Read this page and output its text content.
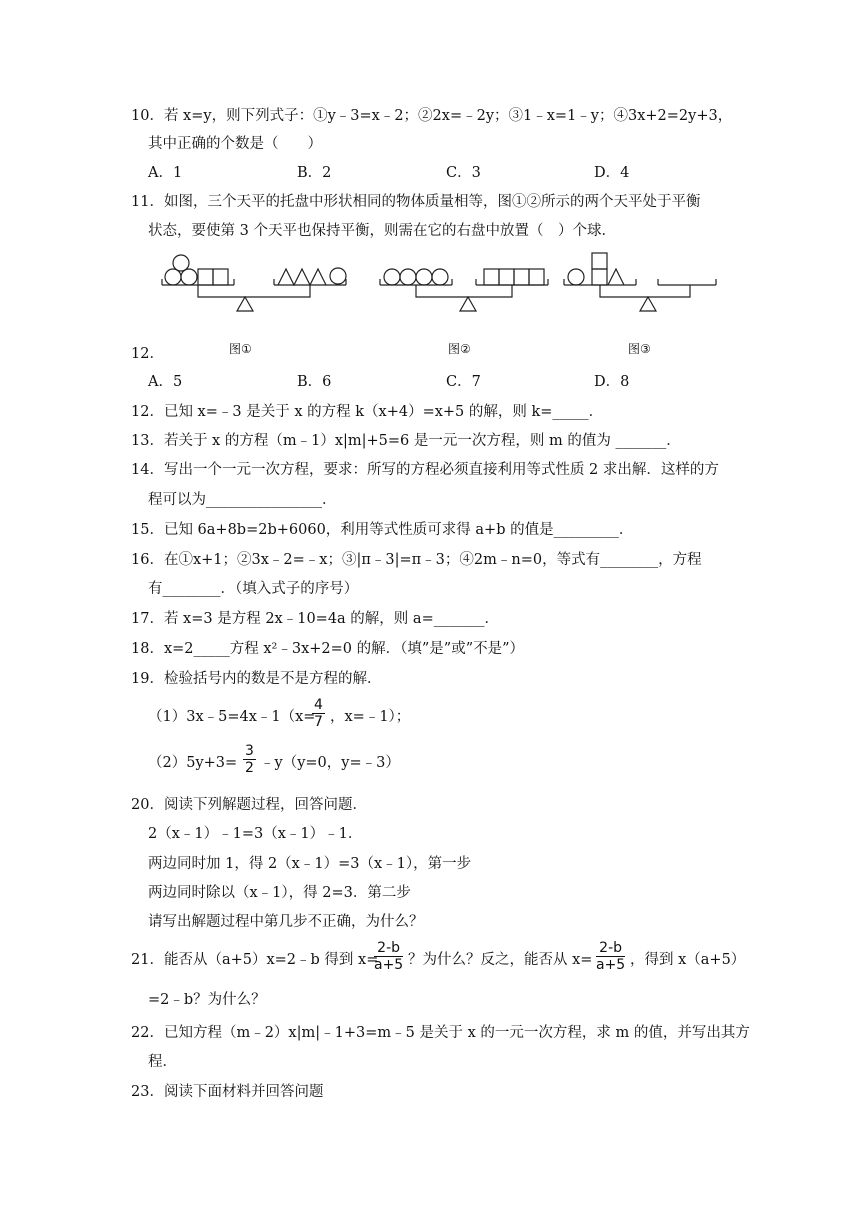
10．若 x=y，则下列式子：①y﹣3=x﹣2；②2x=﹣2y；③1﹣x=1﹣y；④3x+2=2y+3，
其中正确的个数是（　　）
A．1	B．2	C．3	D．4
11．如图，三个天平的托盘中形状相同的物体质量相等，图①②所示的两个天平处于平衡
状态，要使第 3 个天平也保持平衡，则需在它的右盘中放置（　）个球．
图①	图②	图③
12．
A．5	B．6	C．7	D．8
12．已知 x=﹣3 是关于 x 的方程 k（x+4）=x+5 的解，则 k=_____．
13．若关于 x 的方程（m﹣1）x|m|+5=6 是一元一次方程，则 m 的值为 _______．
14．写出一个一元一次方程，要求：所写的方程必须直接利用等式性质 2 求出解．这样的方
程可以为________________．
15．已知 6a+8b=2b+6060，利用等式性质可求得 a+b 的值是_________．
16．在①x+1；②3x﹣2=﹣x；③|π﹣3|=π﹣3；④2m﹣n=0，等式有________，方程
有________．（填入式子的序号）
17．若 x=3 是方程 2x﹣10=4a 的解，则 a=_______．
18．x=2_____方程 x²﹣3x+2=0 的解．（填”是”或”不是”）
19．检验括号内的数是不是方程的解．
（1）3x﹣5=4x﹣1（x=
$\frac{4}{7}$ ，x=﹣1）；
$(2)5y+3= \frac{3}{2}$ ﹣y（y=0，y=﹣3）
20．阅读下列解题过程，回答问题．
2（x﹣1）﹣1=3（x﹣1）﹣1．
两边同时加 1，得 2（x﹣1）=3（x﹣1），第一步
两边同时除以（x﹣1），得 2=3．第二步
请写出解题过程中第几步不正确，为什么？
21．能否从（a+5）x=2﹣b 得到 x=
$\frac{2-b}{a+5}$ ？为什么？反之，能否从 $x= \frac{2-b}{a+5}$ ，得到 x（a+5）
=2﹣b？为什么？
22．已知方程（m﹣2）x|m|﹣1+3=m﹣5 是关于 x 的一元一次方程，求 m 的值，并写出其方
程．
23．阅读下面材料并回答问题
